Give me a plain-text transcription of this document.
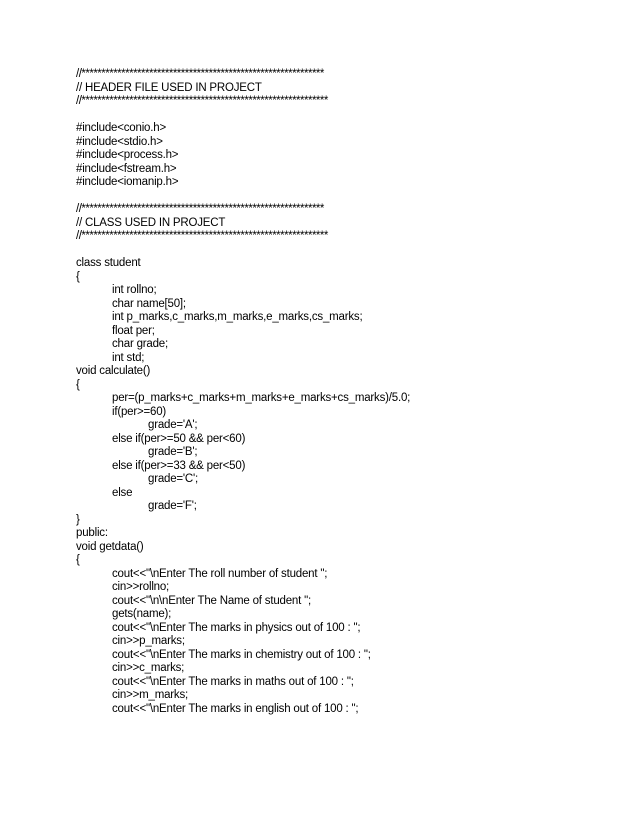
//*************************************************************
// HEADER FILE USED IN PROJECT
//**************************************************************
#include<conio.h>
#include<stdio.h>
#include<process.h>
#include<fstream.h>
#include<iomanip.h>
//*************************************************************
// CLASS USED IN PROJECT
//**************************************************************
class student
{
int rollno;
char name[50];
int p_marks,c_marks,m_marks,e_marks,cs_marks;
float per;
char grade;
int std;
void calculate()
{
per=(p_marks+c_marks+m_marks+e_marks+cs_marks)/5.0;
if(per>=60)
grade='A';
else if(per>=50 && per<60)
grade='B';
else if(per>=33 && per<50)
grade='C';
else
grade='F';
}
public:
void getdata()
{
cout<<"\nEnter The roll number of student ";
cin>>rollno;
cout<<"\n\nEnter The Name of student ";
gets(name);
cout<<"\nEnter The marks in physics out of 100 : ";
cin>>p_marks;
cout<<"\nEnter The marks in chemistry out of 100 : ";
cin>>c_marks;
cout<<"\nEnter The marks in maths out of 100 : ";
cin>>m_marks;
cout<<"\nEnter The marks in english out of 100 : ";
